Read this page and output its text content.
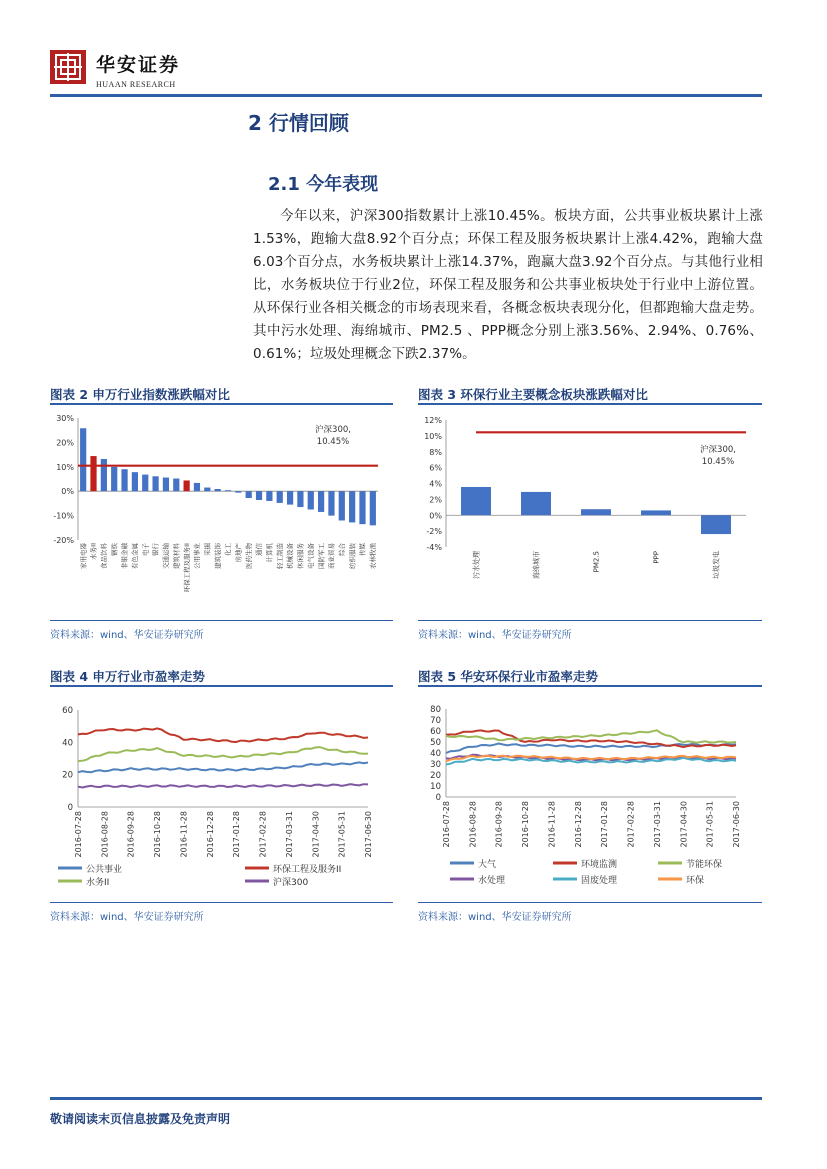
华安证券
HUAAN RESEARCH
2 行情回顾
2.1 今年表现

今年以来，沪深300指数累计上涨10.45%。板块方面，公共事业板块累计上涨1.53%，跑输大盘8.92个百分点；环保工程及服务板块累计上涨4.42%，跑输大盘6.03个百分点，水务板块累计上涨14.37%，跑赢大盘3.92个百分点。与其他行业相比，水务板块位于行业2位，环保工程及服务和公共事业板块处于行业中上游位置。从环保行业各相关概念的市场表现来看，各概念板块表现分化，但都跑输大盘走势。其中污水处理、海绵城市、PM2.5 、PPP概念分别上涨3.56%、2.94%、0.76%、0.61%；垃圾处理概念下跌2.37%。

图表 2 申万行业指数涨跌幅对比
-20%
-10%
0%
10%
20%
30%
家用电器 水务II 食品饮料 钢铁 非银金融 有色金属 电子 银行 交通运输 建筑材料 环保工程及服务II 公用事业 采掘 建筑装饰 化工 房地产 医药生物 通信 计算机 轻工制造 机械设备 休闲服务 电气设备 国防军工 商业贸易 综合 纺织服装 传媒 农林牧渔
沪深300,
10.45%
资料来源：wind、华安证券研究所
图表 3 环保行业主要概念板块涨跌幅对比
-4%
-2%
0%
2%
4%
6%
8%
10%
12%
污水处理	海绵城市	PM2.5	PPP	垃圾发电
沪深300,
10.45%
资料来源：wind、华安证券研究所
图表 4 申万行业市盈率走势
0
20
40
60
2016-07-28 2016-08-28 2016-09-28 2016-10-28 2016-11-28 2016-12-28 2017-01-28 2017-02-28 2017-03-31 2017-04-30 2017-05-31 2017-06-30
公共事业	环保工程及服务II
水务II	沪深300
资料来源：wind、华安证券研究所
图表 5 华安环保行业市盈率走势
0
10
20
30
40
50
60
70
80
2016-07-28 2016-08-28 2016-09-28 2016-10-28 2016-11-28 2016-12-28 2017-01-28 2017-02-28 2017-03-31 2017-04-30 2017-05-31 2017-06-30
大气	环境监测	节能环保
水处理	固废处理	环保
资料来源：wind、华安证券研究所
敬请阅读末页信息披露及免责声明
